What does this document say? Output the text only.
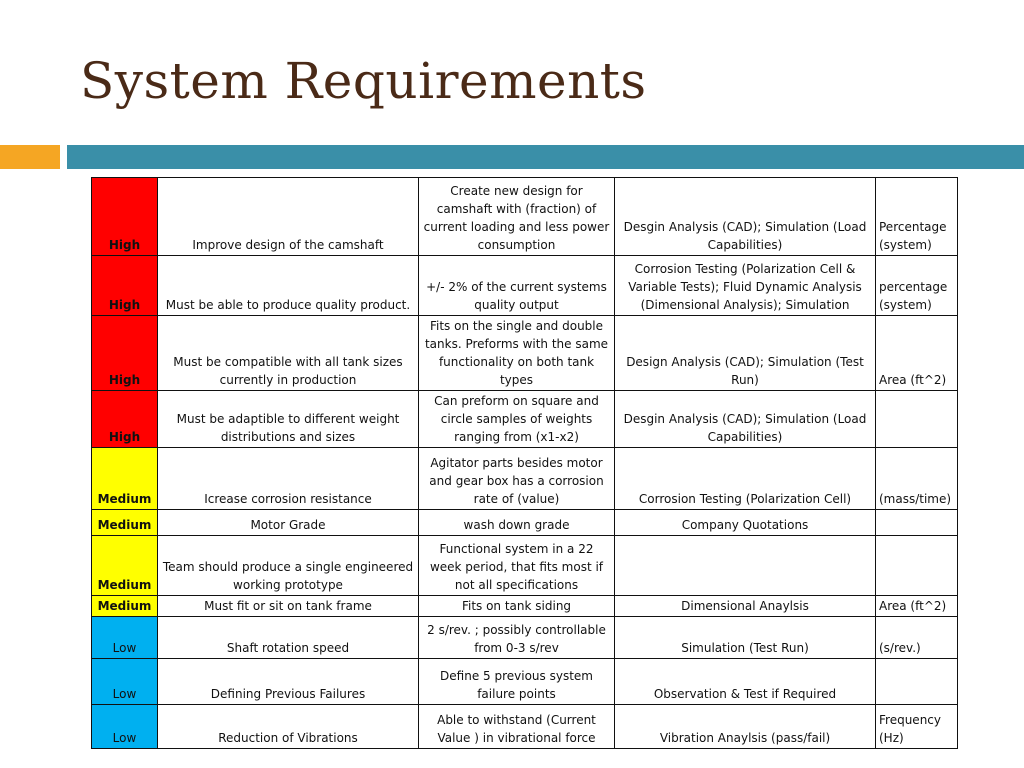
System Requirements
High	Improve design of the camshaft	Create new design for camshaft with (fraction) of current loading and less power consumption	Desgin Analysis (CAD); Simulation (Load Capabilities)	Percentage (system)
High	Must be able to produce quality product.	+/- 2% of the current systems quality output	Corrosion Testing (Polarization Cell & Variable Tests); Fluid Dynamic Analysis (Dimensional Analysis); Simulation	percentage (system)
High	Must be compatible with all tank sizes currently in production	Fits on the single and double tanks. Preforms with the same functionality on both tank types	Design Analysis (CAD); Simulation (Test Run)	Area (ft^2)
High	Must be adaptible to different weight distributions and sizes	Can preform on square and circle samples of weights ranging from (x1-x2)	Desgin Analysis (CAD); Simulation (Load Capabilities)	
Medium	Icrease corrosion resistance	Agitator parts besides motor and gear box has a corrosion rate of (value)	Corrosion Testing (Polarization Cell)	(mass/time)
Medium	Motor Grade	wash down grade	Company Quotations	
Medium	Team should produce a single engineered working prototype	Functional system in a 22 week period, that fits most if not all specifications		
Medium	Must fit or sit on tank frame	Fits on tank siding	Dimensional Anaylsis	Area (ft^2)
Low	Shaft rotation speed	2 s/rev. ; possibly controllable from 0-3 s/rev	Simulation (Test Run)	(s/rev.)
Low	Defining Previous Failures	Define 5 previous system failure points	Observation & Test if Required	
Low	Reduction of Vibrations	Able to withstand (Current Value ) in vibrational force	Vibration Anaylsis (pass/fail)	Frequency (Hz)
